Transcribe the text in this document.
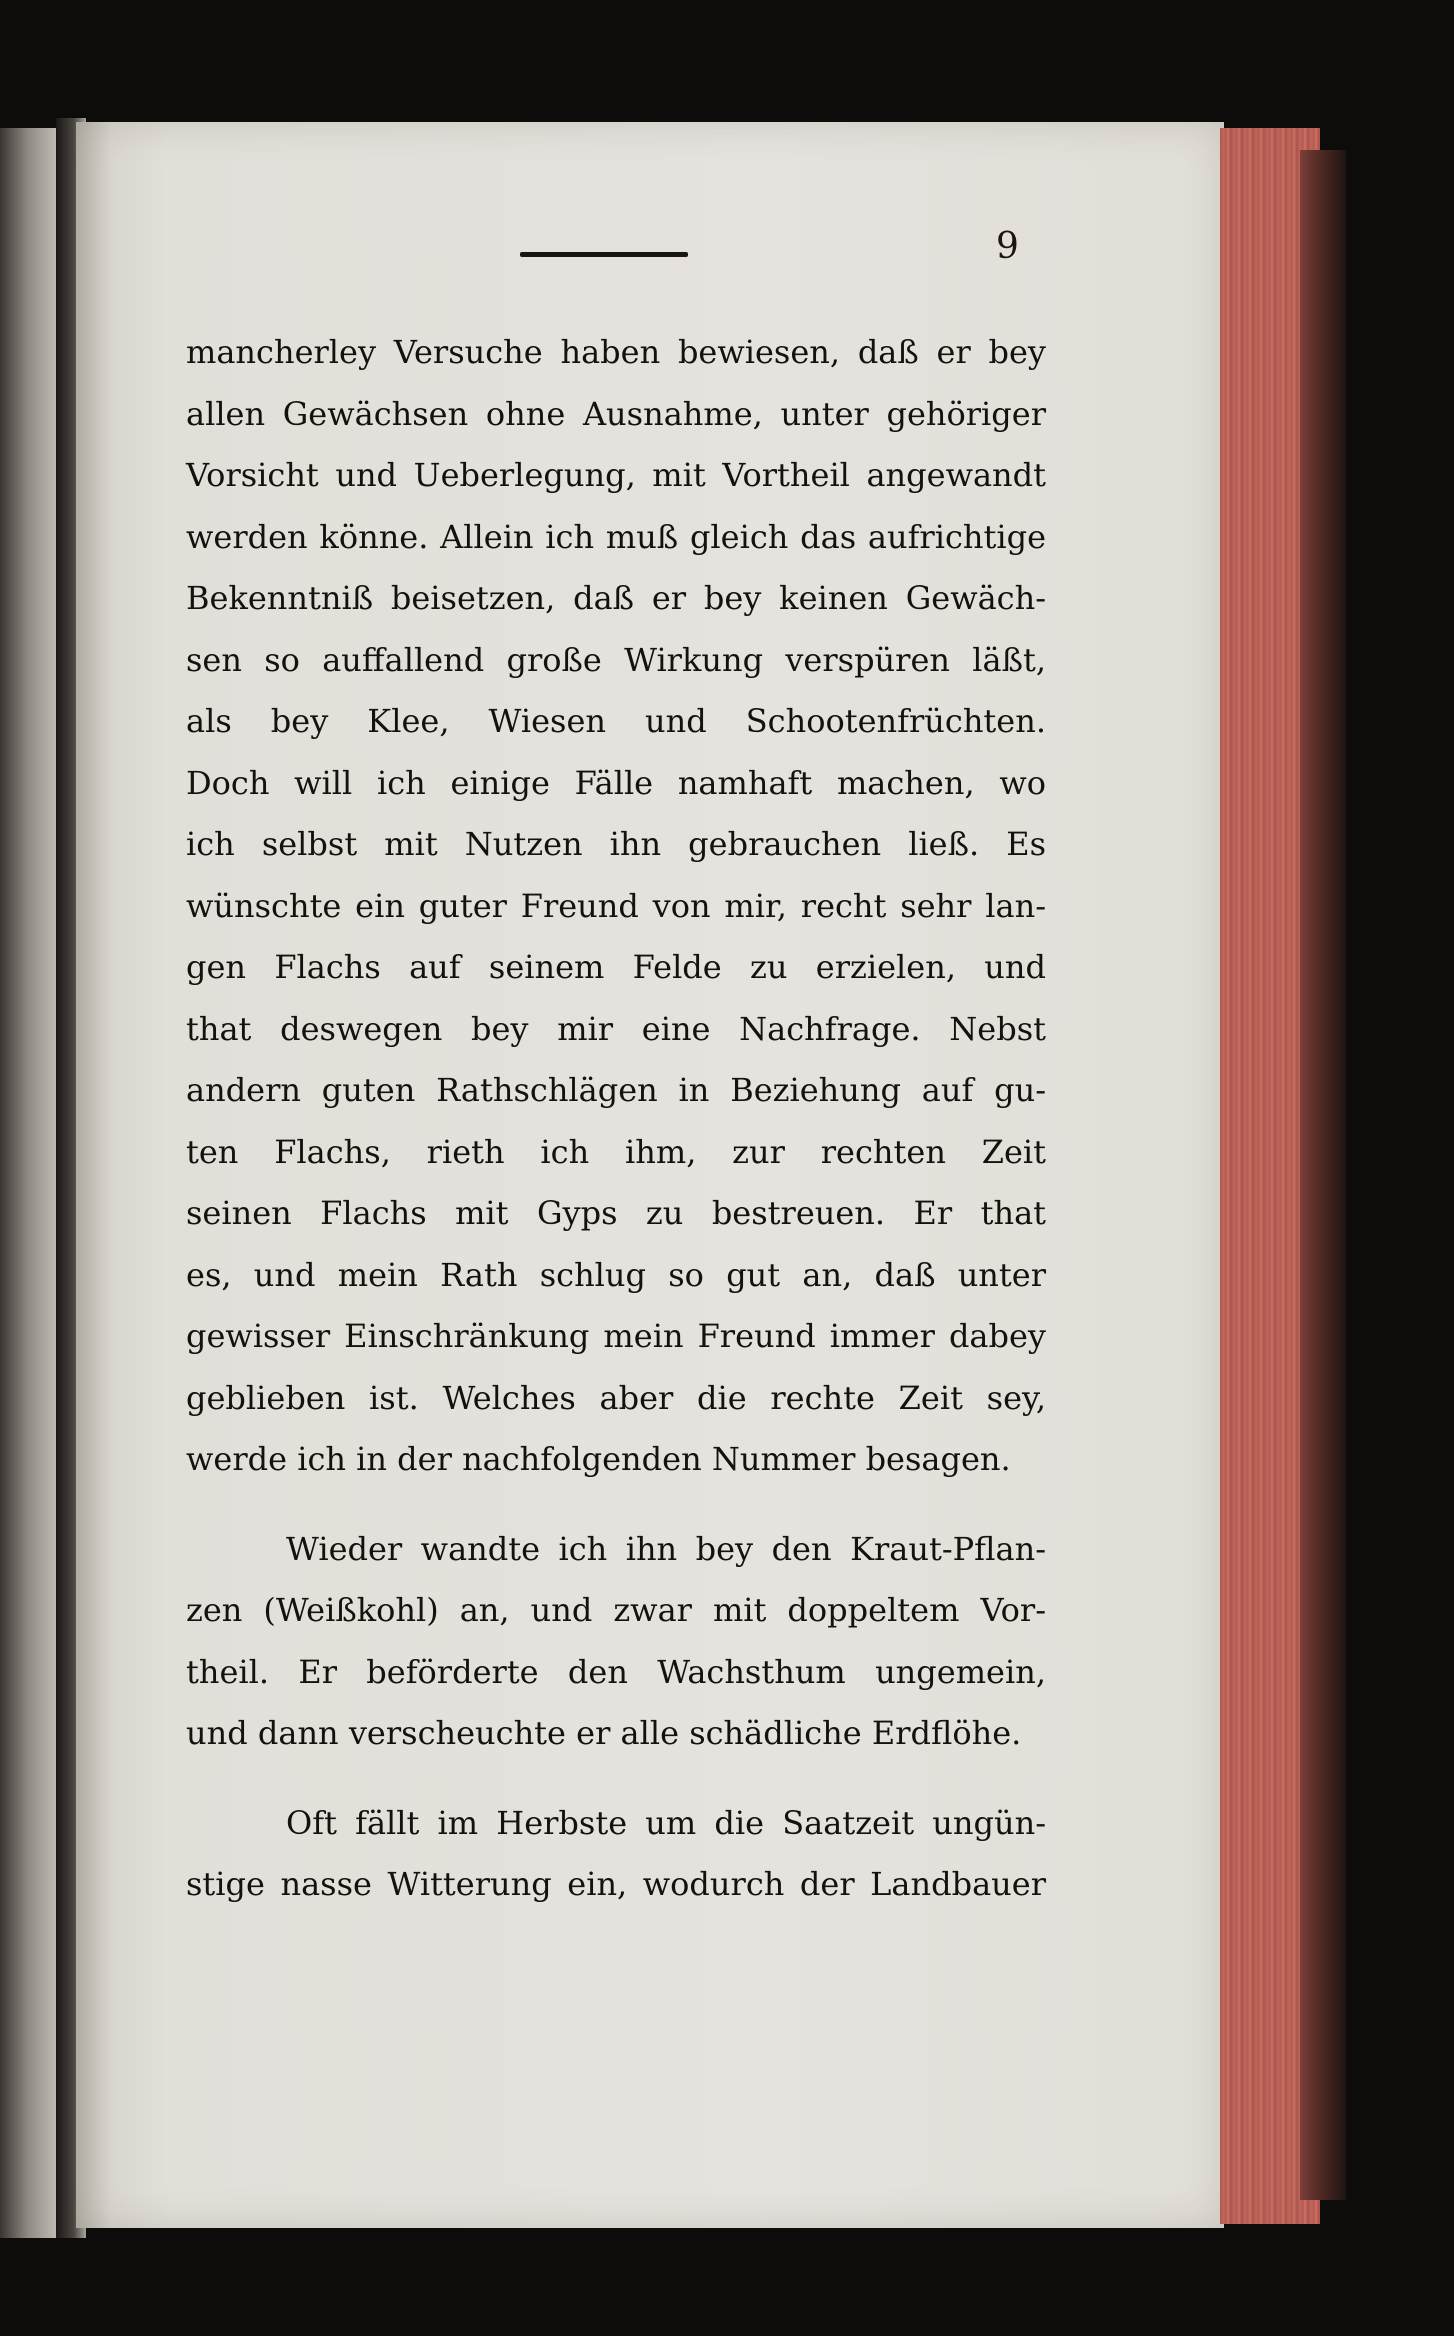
9
mancherley Versuche haben bewiesen, daß er bey
allen Gewächsen ohne Ausnahme, unter gehöriger
Vorsicht und Ueberlegung, mit Vortheil angewandt
werden könne. Allein ich muß gleich das aufrichtige
Bekenntniß beisetzen, daß er bey keinen Gewäch-
sen so auffallend große Wirkung verspüren läßt,
als bey Klee, Wiesen und Schootenfrüchten.
Doch will ich einige Fälle namhaft machen, wo
ich selbst mit Nutzen ihn gebrauchen ließ. Es
wünschte ein guter Freund von mir, recht sehr lan-
gen Flachs auf seinem Felde zu erzielen, und
that deswegen bey mir eine Nachfrage. Nebst
andern guten Rathschlägen in Beziehung auf gu-
ten Flachs, rieth ich ihm, zur rechten Zeit
seinen Flachs mit Gyps zu bestreuen. Er that
es, und mein Rath schlug so gut an, daß unter
gewisser Einschränkung mein Freund immer dabey
geblieben ist. Welches aber die rechte Zeit sey,
werde ich in der nachfolgenden Nummer besagen.
Wieder wandte ich ihn bey den Kraut-Pflan-
zen (Weißkohl) an, und zwar mit doppeltem Vor-
theil. Er beförderte den Wachsthum ungemein,
und dann verscheuchte er alle schädliche Erdflöhe.
Oft fällt im Herbste um die Saatzeit ungün-
stige nasse Witterung ein, wodurch der Landbauer
